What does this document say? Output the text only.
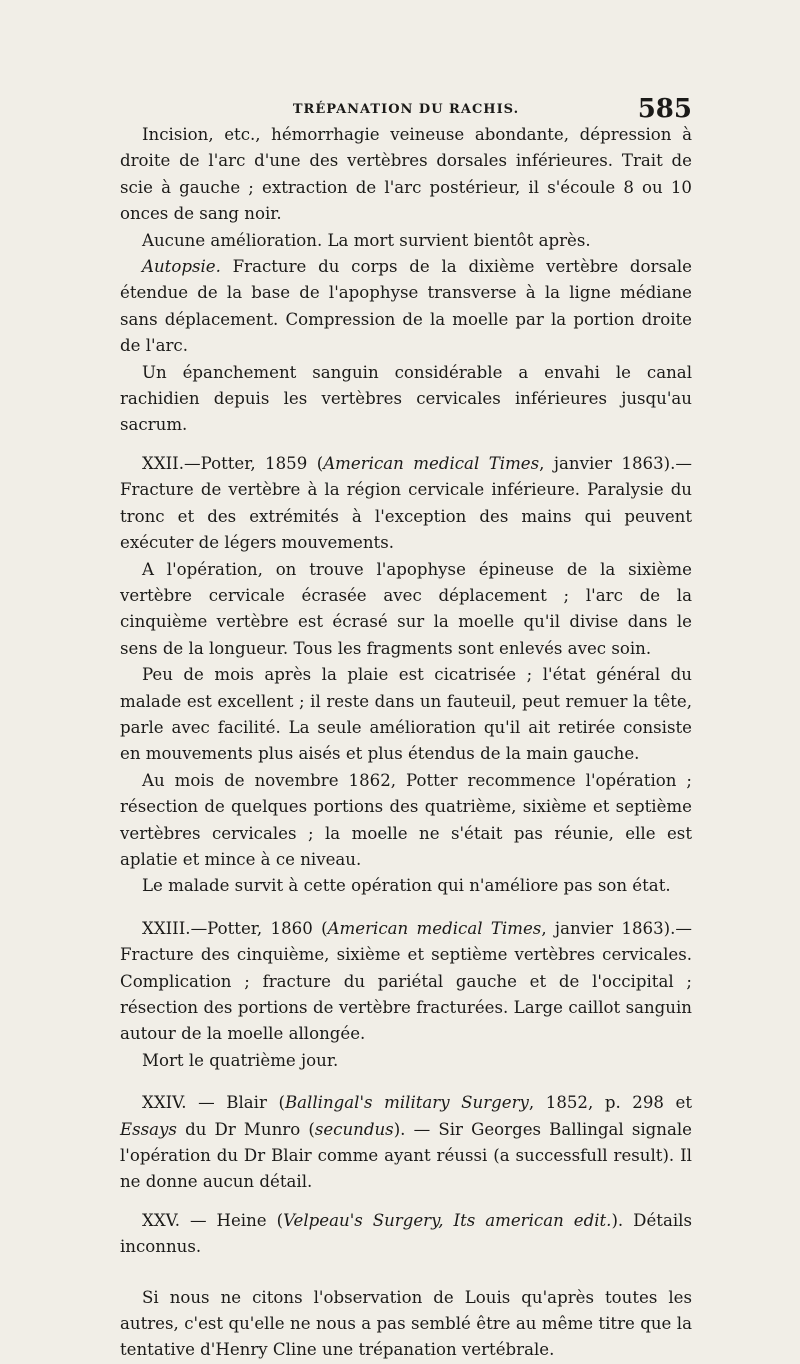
TRÉPANATION DU RACHIS.	585

Incision, etc., hémorrhagie veineuse abondante, dépression à droite de l'arc d'une des vertèbres dorsales inférieures. Trait de scie à gauche ; extraction de l'arc postérieur, il s'écoule 8 ou 10 onces de sang noir.

Aucune amélioration. La mort survient bientôt après.

Autopsie. Fracture du corps de la dixième vertèbre dorsale étendue de la base de l'apophyse transverse à la ligne médiane sans déplacement. Compression de la moelle par la portion droite de l'arc.

Un épanchement sanguin considérable a envahi le canal rachidien depuis les vertèbres cervicales inférieures jusqu'au sacrum.

XXII.—Potter, 1859 (American medical Times, janvier 1863).—Fracture de vertèbre à la région cervicale inférieure. Paralysie du tronc et des extrémités à l'exception des mains qui peuvent exécuter de légers mouvements.

A l'opération, on trouve l'apophyse épineuse de la sixième vertèbre cervicale écrasée avec déplacement ; l'arc de la cinquième vertèbre est écrasé sur la moelle qu'il divise dans le sens de la longueur. Tous les fragments sont enlevés avec soin.

Peu de mois après la plaie est cicatrisée ; l'état général du malade est excellent ; il reste dans un fauteuil, peut remuer la tête, parle avec facilité. La seule amélioration qu'il ait retirée consiste en mouvements plus aisés et plus étendus de la main gauche.

Au mois de novembre 1862, Potter recommence l'opération ; résection de quelques portions des quatrième, sixième et septième vertèbres cervicales ; la moelle ne s'était pas réunie, elle est aplatie et mince à ce niveau.

Le malade survit à cette opération qui n'améliore pas son état.

XXIII.—Potter, 1860 (American medical Times, janvier 1863).—Fracture des cinquième, sixième et septième vertèbres cervicales. Complication ; fracture du pariétal gauche et de l'occipital ; résection des portions de vertèbre fracturées. Large caillot sanguin autour de la moelle allongée.

Mort le quatrième jour.

XXIV. — Blair (Ballingal's military Surgery, 1852, p. 298 et Essays du Dr Munro (secundus). — Sir Georges Ballingal signale l'opération du Dr Blair comme ayant réussi (a successfull result). Il ne donne aucun détail.

XXV. — Heine (Velpeau's Surgery, Its american edit.). Détails inconnus.

Si nous ne citons l'observation de Louis qu'après toutes les autres, c'est qu'elle ne nous a pas semblé être au même titre que la tentative d'Henry Cline une trépanation vertébrale.
